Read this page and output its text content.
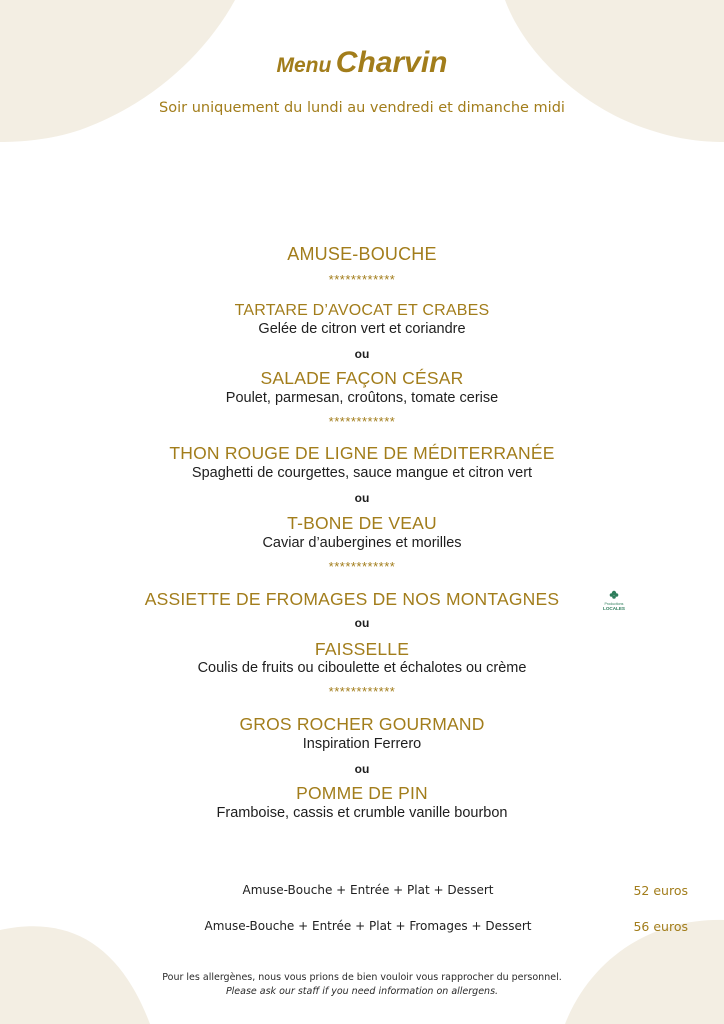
Menu Charvin
Soir uniquement du lundi au vendredi et dimanche midi
AMUSE-BOUCHE
************
TARTARE D’AVOCAT ET CRABES
Gelée de citron vert et coriandre
ou
SALADE FAÇON CÉSAR
Poulet, parmesan, croûtons, tomate cerise
************
THON ROUGE DE LIGNE DE MÉDITERRANÉE
Spaghetti de courgettes, sauce mangue et citron vert
ou
T-BONE DE VEAU
Caviar d’aubergines et morilles
************
ASSIETTE DE FROMAGES DE NOS MONTAGNES	Productions
LOCALES
ou
FAISSELLE
Coulis de fruits ou ciboulette et échalotes ou crème
************
GROS ROCHER GOURMAND
Inspiration Ferrero
ou
POMME DE PIN
Framboise, cassis et crumble vanille bourbon
Amuse-Bouche + Entrée + Plat + Dessert	52 euros
Amuse-Bouche + Entrée + Plat + Fromages + Dessert	56 euros
Pour les allergènes, nous vous prions de bien vouloir vous rapprocher du personnel.
Please ask our staff if you need information on allergens.
